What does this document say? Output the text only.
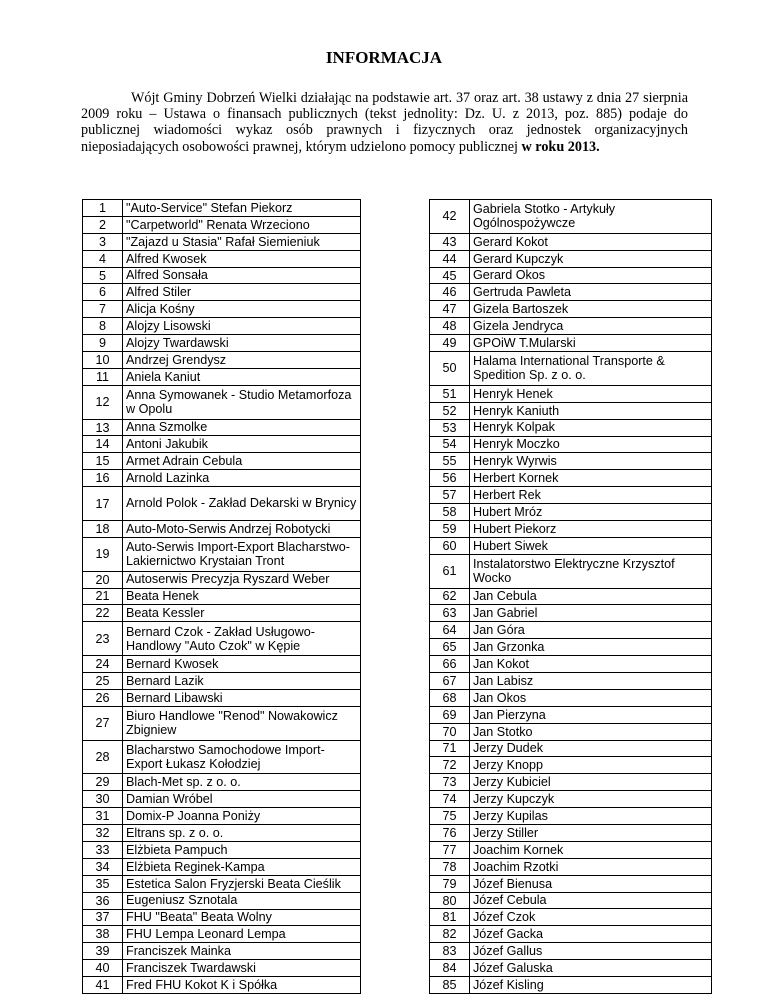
INFORMACJA
Wójt Gminy Dobrzeń Wielki działając na podstawie art. 37 oraz art. 38 ustawy z dnia 27 sierpnia 2009 roku – Ustawa o finansach publicznych (tekst jednolity: Dz. U. z 2013, poz. 885) podaje do publicznej wiadomości wykaz osób prawnych i fizycznych oraz jednostek organizacyjnych nieposiadających osobowości prawnej, którym udzielono pomocy publicznej w roku 2013.
1	"Auto-Service" Stefan Piekorz
2	"Carpetworld" Renata Wrzeciono
3	"Zajazd u Stasia" Rafał Siemieniuk
4	Alfred Kwosek
5	Alfred Sonsała
6	Alfred Stiler
7	Alicja Kośny
8	Alojzy Lisowski
9	Alojzy Twardawski
10	Andrzej Grendysz
11	Aniela Kaniut
12	Anna Symowanek - Studio Metamorfoza w Opolu
13	Anna Szmolke
14	Antoni Jakubik
15	Armet Adrain Cebula
16	Arnold Lazinka
17	Arnold Polok - Zakład Dekarski w Brynicy
18	Auto-Moto-Serwis Andrzej Robotycki
19	Auto-Serwis Import-Export Blacharstwo-Lakiernictwo Krystaian Tront
20	Autoserwis Precyzja Ryszard Weber
21	Beata Henek
22	Beata Kessler
23	Bernard Czok - Zakład Usługowo-Handlowy "Auto Czok" w Kępie
24	Bernard Kwosek
25	Bernard Lazik
26	Bernard Libawski
27	Biuro Handlowe "Renod" Nowakowicz Zbigniew
28	Blacharstwo Samochodowe Import-Export Łukasz Kołodziej
29	Blach-Met sp. z o. o.
30	Damian Wróbel
31	Domix-P Joanna Poniży
32	Eltrans sp. z o. o.
33	Elżbieta Pampuch
34	Elżbieta Reginek-Kampa
35	Estetica Salon Fryzjerski Beata Cieślik
36	Eugeniusz Sznotala
37	FHU "Beata" Beata Wolny
38	FHU Lempa Leonard Lempa
39	Franciszek Mainka
40	Franciszek Twardawski
41	Fred FHU Kokot K i Spółka
42	Gabriela Stotko - Artykuły Ogólnospożywcze
43	Gerard Kokot
44	Gerard Kupczyk
45	Gerard Okos
46	Gertruda Pawleta
47	Gizela Bartoszek
48	Gizela Jendryca
49	GPOiW T.Mularski
50	Halama International Transporte & Spedition Sp. z o. o.
51	Henryk Henek
52	Henryk Kaniuth
53	Henryk Kolpak
54	Henryk Moczko
55	Henryk Wyrwis
56	Herbert Kornek
57	Herbert Rek
58	Hubert Mróz
59	Hubert Piekorz
60	Hubert Siwek
61	Instalatorstwo Elektryczne Krzysztof Wocko
62	Jan Cebula
63	Jan Gabriel
64	Jan Góra
65	Jan Grzonka
66	Jan Kokot
67	Jan Labisz
68	Jan Okos
69	Jan Pierzyna
70	Jan Stotko
71	Jerzy Dudek
72	Jerzy Knopp
73	Jerzy Kubiciel
74	Jerzy Kupczyk
75	Jerzy Kupilas
76	Jerzy Stiller
77	Joachim Kornek
78	Joachim Rzotki
79	Józef Bienusa
80	Józef Cebula
81	Józef Czok
82	Józef Gacka
83	Józef Gallus
84	Józef Galuska
85	Józef Kisling
